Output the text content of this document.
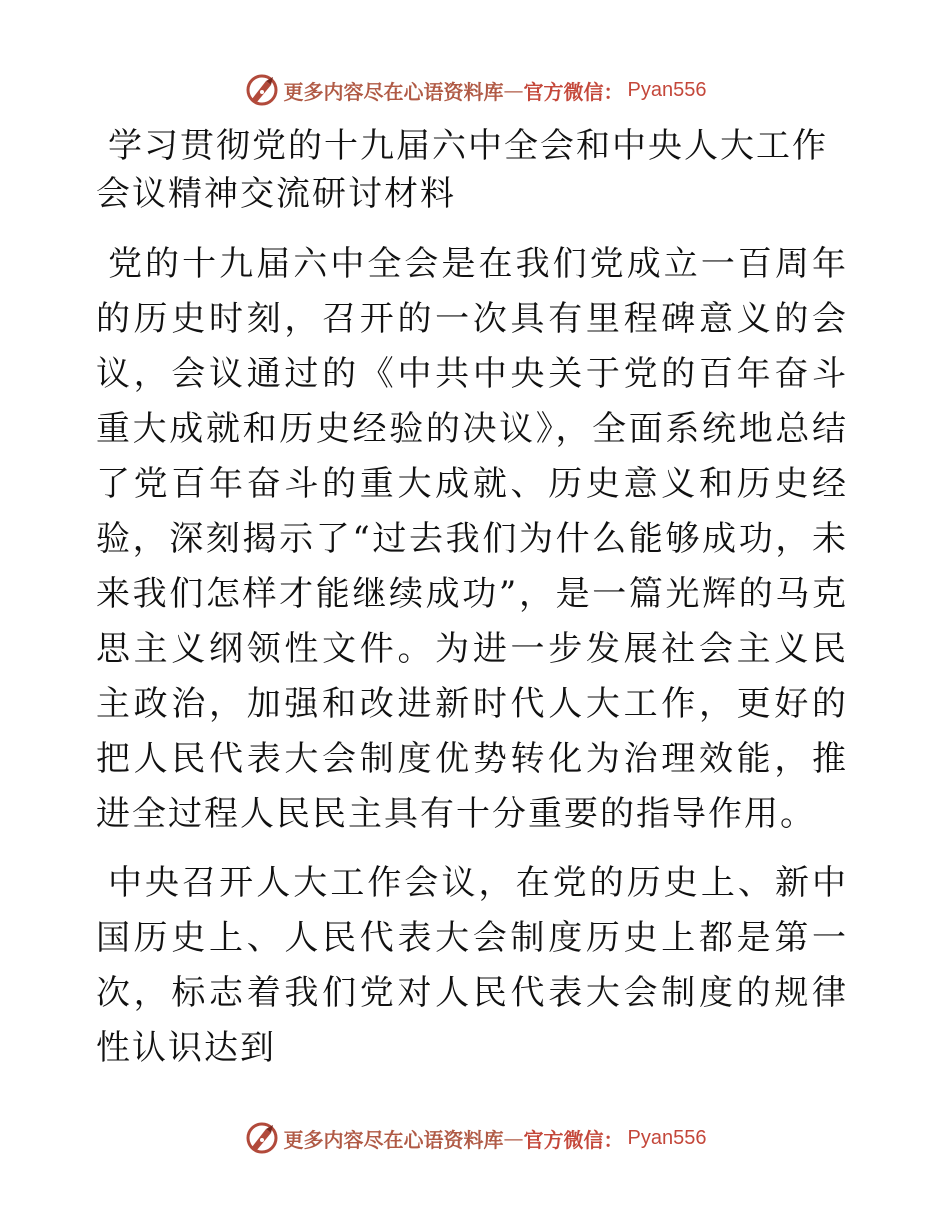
更多内容尽在心语资料库 — 官方微信： Pyan556
学习贯彻党的十九届六中全会和中央人大工作会议精神交流研讨材料

党的十九届六中全会是在我们党成立一百周年的历史时刻，召开的一次具有里程碑意义的会议，会议通过的《中共中央关于党的百年奋斗重大成就和历史经验的决议》，全面系统地总结了党百年奋斗的重大成就、历史意义和历史经验，深刻揭示了“过去我们为什么能够成功，未来我们怎样才能继续成功”，是一篇光辉的马克思主义纲领性文件。为进一步发展社会主义民主政治，加强和改进新时代人大工作，更好的把人民代表大会制度优势转化为治理效能，推进全过程人民民主具有十分重要的指导作用。

中央召开人大工作会议，在党的历史上、新中国历史上、人民代表大会制度历史上都是第一次，标志着我们党对人民代表大会制度的规律性认识达到

更多内容尽在心语资料库 — 官方微信： Pyan556
